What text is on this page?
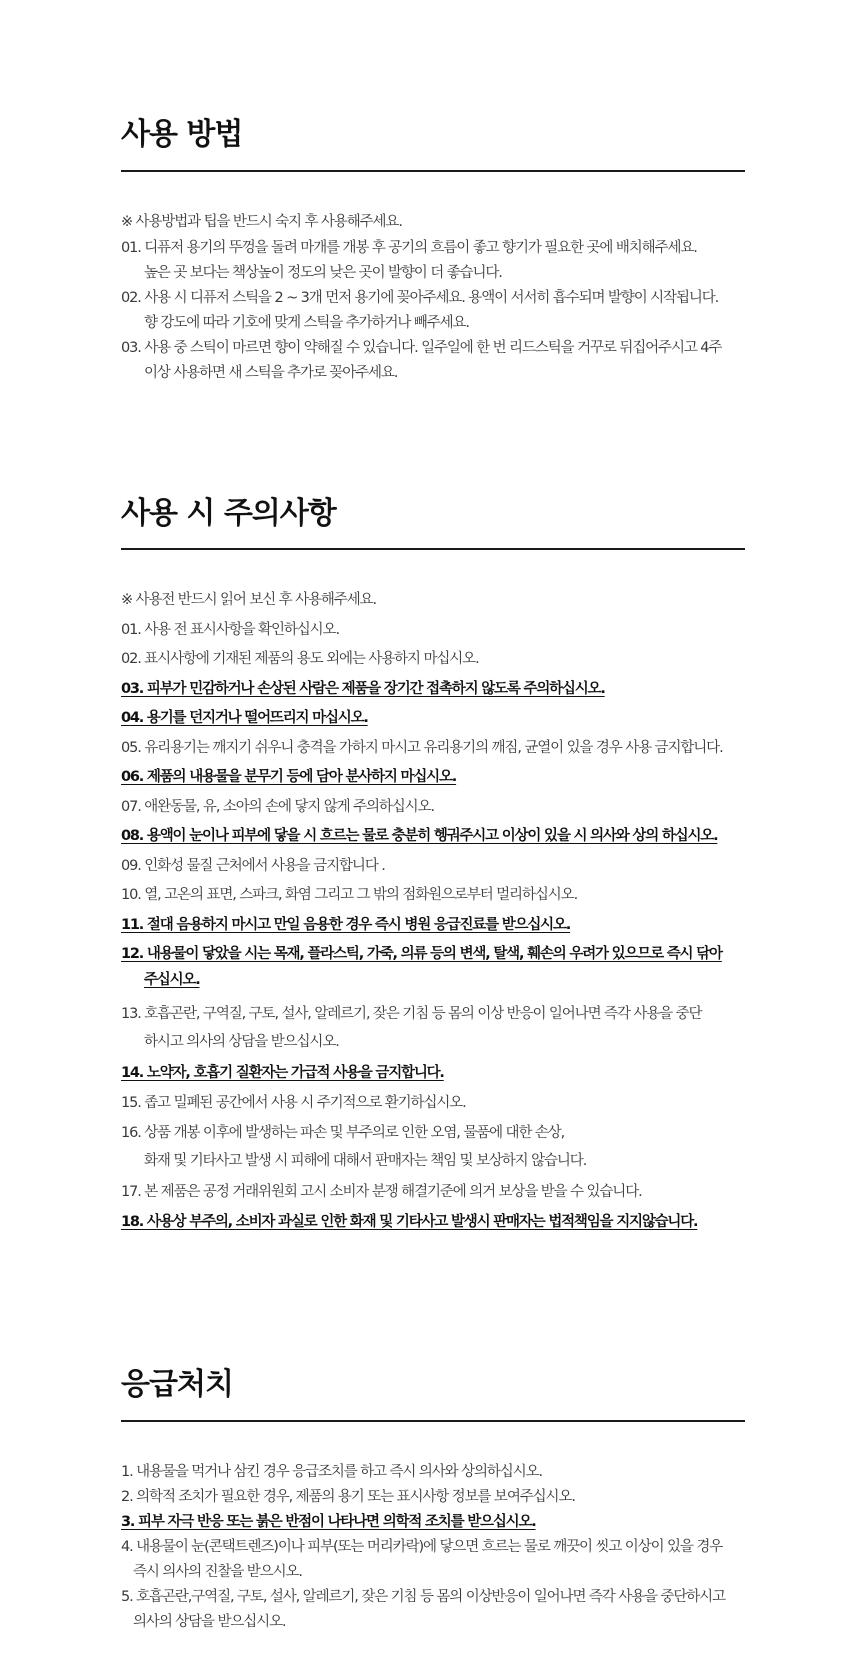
사용 방법
※ 사용방법과 팁을 반드시 숙지 후 사용해주세요.
01. 디퓨저 용기의 뚜껑을 돌려 마개를 개봉 후 공기의 흐름이 좋고 향기가 필요한 곳에 배치해주세요.
높은 곳 보다는 책상높이 정도의 낮은 곳이 발향이 더 좋습니다.
02. 사용 시 디퓨저 스틱을 2 ~ 3개 먼저 용기에 꽂아주세요. 용액이 서서히 흡수되며 발향이 시작됩니다.
향 강도에 따라 기호에 맞게 스틱을 추가하거나 빼주세요.
03. 사용 중 스틱이 마르면 향이 약해질 수 있습니다. 일주일에 한 번 리드스틱을 거꾸로 뒤집어주시고 4주
이상 사용하면 새 스틱을 추가로 꽂아주세요.
사용 시 주의사항
※ 사용전 반드시 읽어 보신 후 사용해주세요.
01. 사용 전 표시사항을 확인하십시오.
02. 표시사항에 기재된 제품의 용도 외에는 사용하지 마십시오.
03. 피부가 민감하거나 손상된 사람은 제품을 장기간 접촉하지 않도록 주의하십시오.
04. 용기를 던지거나 떨어뜨리지 마십시오.
05. 유리용기는 깨지기 쉬우니 충격을 가하지 마시고 유리용기의 깨짐, 균열이 있을 경우 사용 금지합니다.
06. 제품의 내용물을 분무기 등에 담아 분사하지 마십시오.
07. 애완동물, 유, 소아의 손에 닿지 않게 주의하십시오.
08. 용액이 눈이나 피부에 닿을 시 흐르는 물로 충분히 헹궈주시고 이상이 있을 시 의사와 상의 하십시오.
09. 인화성 물질 근처에서 사용을 금지합니다 .
10. 열, 고온의 표면, 스파크, 화염 그리고 그 밖의 점화원으로부터 멀리하십시오.
11. 절대 음용하지 마시고 만일 음용한 경우 즉시 병원 응급진료를 받으십시오.
12. 내용물이 닿았을 시는 목재, 플라스틱, 가죽, 의류 등의 변색, 탈색, 훼손의 우려가 있으므로 즉시 닦아
주십시오.
13. 호흡곤란, 구역질, 구토, 설사, 알레르기, 잦은 기침 등 몸의 이상 반응이 일어나면 즉각 사용을 중단
하시고 의사의 상담을 받으십시오.
14. 노약자, 호흡기 질환자는 가급적 사용을 금지합니다.
15. 좁고 밀폐된 공간에서 사용 시 주기적으로 환기하십시오.
16. 상품 개봉 이후에 발생하는 파손 및 부주의로 인한 오염, 물품에 대한 손상,
화재 및 기타사고 발생 시 피해에 대해서 판매자는 책임 및 보상하지 않습니다.
17. 본 제품은 공정 거래위원회 고시 소비자 분쟁 해결기준에 의거 보상을 받을 수 있습니다.
18. 사용상 부주의, 소비자 과실로 인한 화재 및 기타사고 발생시 판매자는 법적책임을 지지않습니다.
응급처치
1. 내용물을 먹거나 삼킨 경우 응급조치를 하고 즉시 의사와 상의하십시오.
2. 의학적 조치가 필요한 경우, 제품의 용기 또는 표시사항 정보를 보여주십시오.
3. 피부 자극 반응 또는 붉은 반점이 나타나면 의학적 조치를 받으십시오.
4. 내용물이 눈(콘택트렌즈)이나 피부(또는 머리카락)에 닿으면 흐르는 물로 깨끗이 씻고 이상이 있을 경우
즉시 의사의 진찰을 받으시오.
5. 호흡곤란,구역질, 구토, 설사, 알레르기, 잦은 기침 등 몸의 이상반응이 일어나면 즉각 사용을 중단하시고
의사의 상담을 받으십시오.
